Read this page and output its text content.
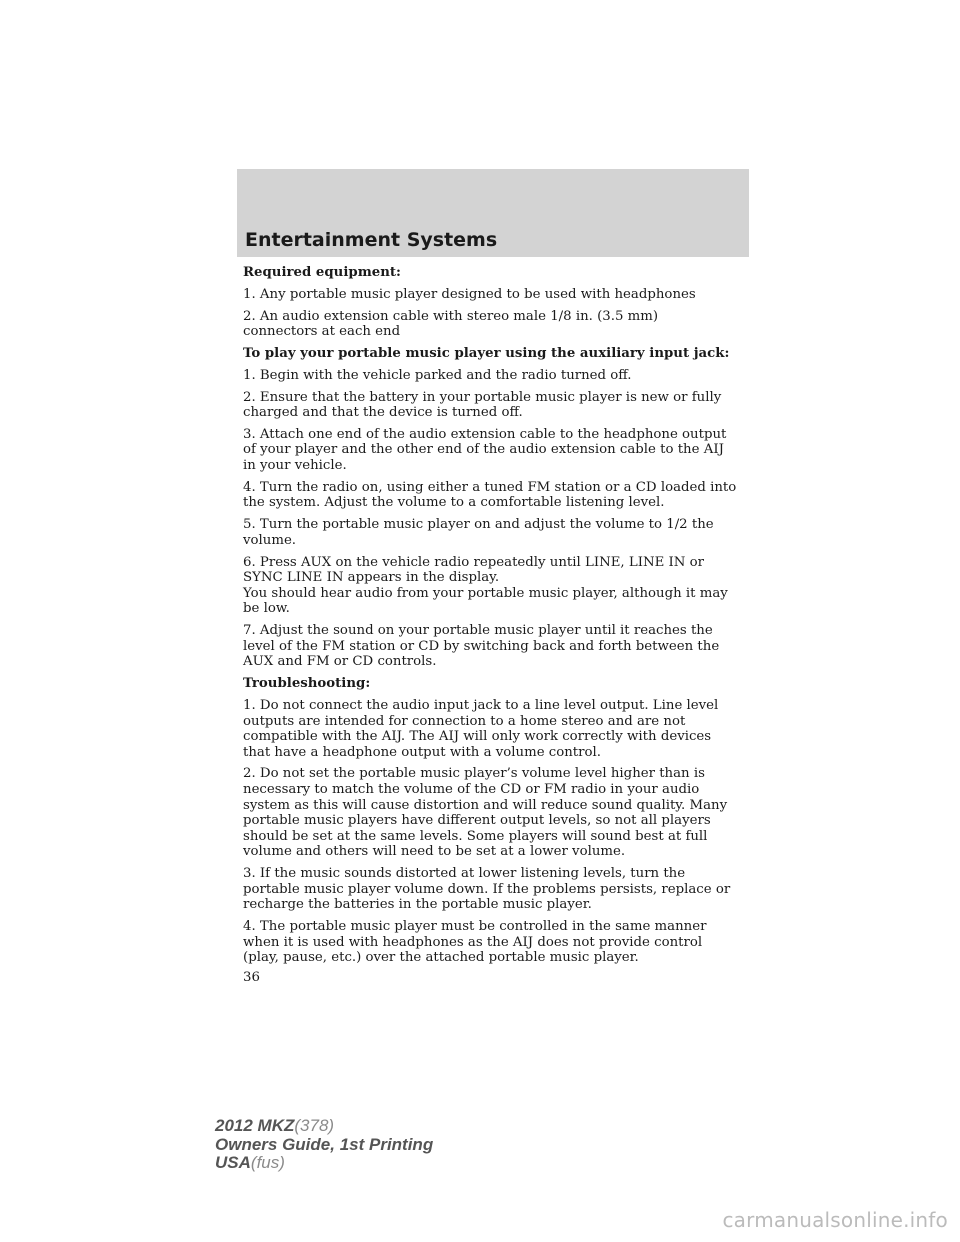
Entertainment Systems

Required equipment:

1. Any portable music player designed to be used with headphones

2. An audio extension cable with stereo male 1/8 in. (3.5 mm)
connectors at each end

To play your portable music player using the auxiliary input jack:

1. Begin with the vehicle parked and the radio turned off.

2. Ensure that the battery in your portable music player is new or fully
charged and that the device is turned off.

3. Attach one end of the audio extension cable to the headphone output
of your player and the other end of the audio extension cable to the AIJ
in your vehicle.

4. Turn the radio on, using either a tuned FM station or a CD loaded into
the system. Adjust the volume to a comfortable listening level.

5. Turn the portable music player on and adjust the volume to 1/2 the
volume.

6. Press AUX on the vehicle radio repeatedly until LINE, LINE IN or
SYNC LINE IN appears in the display.
You should hear audio from your portable music player, although it may
be low.

7. Adjust the sound on your portable music player until it reaches the
level of the FM station or CD by switching back and forth between the
AUX and FM or CD controls.

Troubleshooting:

1. Do not connect the audio input jack to a line level output. Line level
outputs are intended for connection to a home stereo and are not
compatible with the AIJ. The AIJ will only work correctly with devices
that have a headphone output with a volume control.

2. Do not set the portable music player’s volume level higher than is
necessary to match the volume of the CD or FM radio in your audio
system as this will cause distortion and will reduce sound quality. Many
portable music players have different output levels, so not all players
should be set at the same levels. Some players will sound best at full
volume and others will need to be set at a lower volume.

3. If the music sounds distorted at lower listening levels, turn the
portable music player volume down. If the problems persists, replace or
recharge the batteries in the portable music player.

4. The portable music player must be controlled in the same manner
when it is used with headphones as the AIJ does not provide control
(play, pause, etc.) over the attached portable music player.

36
2012 MKZ(378)
Owners Guide, 1st Printing
USA(fus)
carmanualsonline.info
